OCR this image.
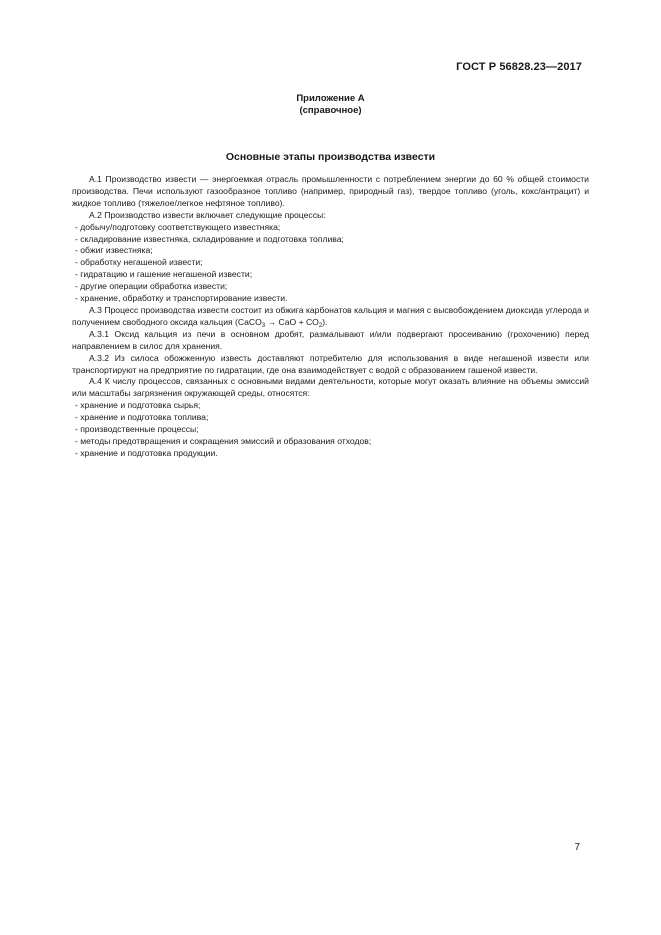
ГОСТ Р 56828.23—2017
Приложение А
(справочное)
Основные этапы производства извести

А.1 Производство извести — энергоемкая отрасль промышленности с потреблением энергии до 60 % общей стоимости производства. Печи используют газообразное топливо (например, природный газ), твердое топливо (уголь, кокс/антрацит) и жидкое топливо (тяжелое/легкое нефтяное топливо).

А.2 Производство извести включает следующие процессы:

- добычу/подготовку соответствующего известняка;

- складирование известняка, складирование и подготовка топлива;

- обжиг известняка;

- обработку негашеной извести;

- гидратацию и гашение негашеной извести;

- другие операции обработка извести;

- хранение, обработку и транспортирование извести.

А.3 Процесс производства извести состоит из обжига карбонатов кальция и магния с высвобождением диоксида углерода и получением свободного оксида кальция (CaCO$_3$ → CaO + $CO_2$).

А.3.1 Оксид кальция из печи в основном дробят, размалывают и/или подвергают просеиванию (грохочению) перед направлением в силос для хранения.

А.3.2 Из силоса обожженную известь доставляют потребителю для использования в виде негашеной извести или транспортируют на предприятие по гидратации, где она взаимодействует с водой с образованием гашеной извести.

А.4 К числу процессов, связанных с основными видами деятельности, которые могут оказать влияние на объемы эмиссий или масштабы загрязнения окружающей среды, относятся:

- хранение и подготовка сырья;

- хранение и подготовка топлива;

- производственные процессы;

- методы предотвращения и сокращения эмиссий и образования отходов;

- хранение и подготовка продукции.

7
